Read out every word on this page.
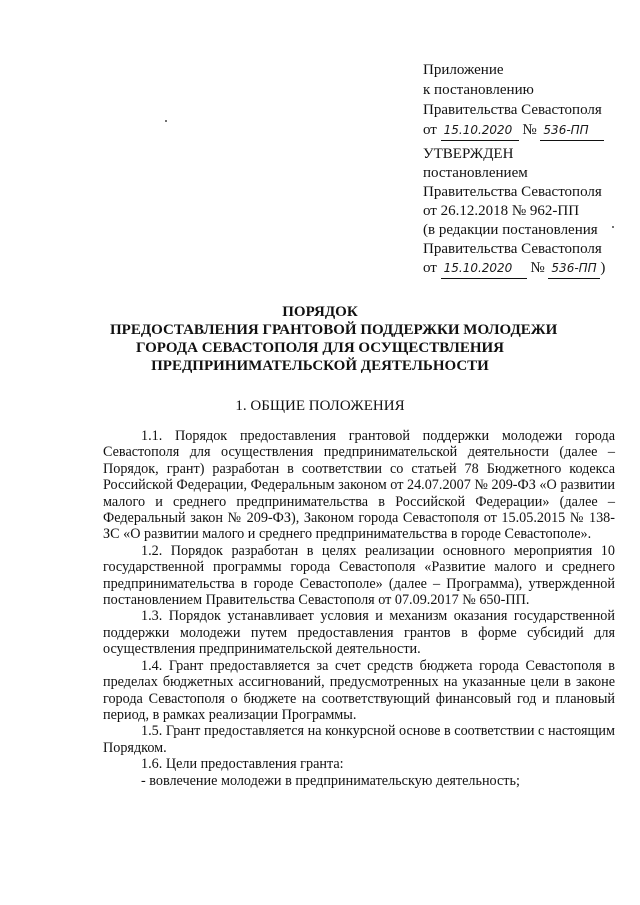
Приложение
к постановлению
Правительства Севастополя
от 15.10.2020 № 536-ПП
УТВЕРЖДЕН
постановлением
Правительства Севастополя
от 26.12.2018 № 962-ПП
(в редакции постановления
Правительства Севастополя
от 15.10.2020 № 536-ПП )
ПОРЯДОК
ПРЕДОСТАВЛЕНИЯ ГРАНТОВОЙ ПОДДЕРЖКИ МОЛОДЕЖИ
ГОРОДА СЕВАСТОПОЛЯ ДЛЯ ОСУЩЕСТВЛЕНИЯ
ПРЕДПРИНИМАТЕЛЬСКОЙ ДЕЯТЕЛЬНОСТИ
1. ОБЩИЕ ПОЛОЖЕНИЯ

1.1. Порядок предоставления грантовой поддержки молодежи города Севастополя для осуществления предпринимательской деятельности (далее – Порядок, грант) разработан в соответствии со статьей 78 Бюджетного кодекса Российской Федерации, Федеральным законом от 24.07.2007 № 209-ФЗ «О развитии малого и среднего предпринимательства в Российской Федерации» (далее – Федеральный закон № 209-ФЗ), Законом города Севастополя от 15.05.2015 № 138-ЗС «О развитии малого и среднего предпринимательства в городе Севастополе».

1.2. Порядок разработан в целях реализации основного мероприятия 10 государственной программы города Севастополя «Развитие малого и среднего предпринимательства в городе Севастополе» (далее – Программа), утвержденной постановлением Правительства Севастополя от 07.09.2017 № 650-ПП.

1.3. Порядок устанавливает условия и механизм оказания государственной поддержки молодежи путем предоставления грантов в форме субсидий для осуществления предпринимательской деятельности.

1.4. Грант предоставляется за счет средств бюджета города Севастополя в пределах бюджетных ассигнований, предусмотренных на указанные цели в законе города Севастополя о бюджете на соответствующий финансовый год и плановый период, в рамках реализации Программы.

1.5. Грант предоставляется на конкурсной основе в соответствии с настоящим Порядком.

1.6. Цели предоставления гранта:

- вовлечение молодежи в предпринимательскую деятельность;
